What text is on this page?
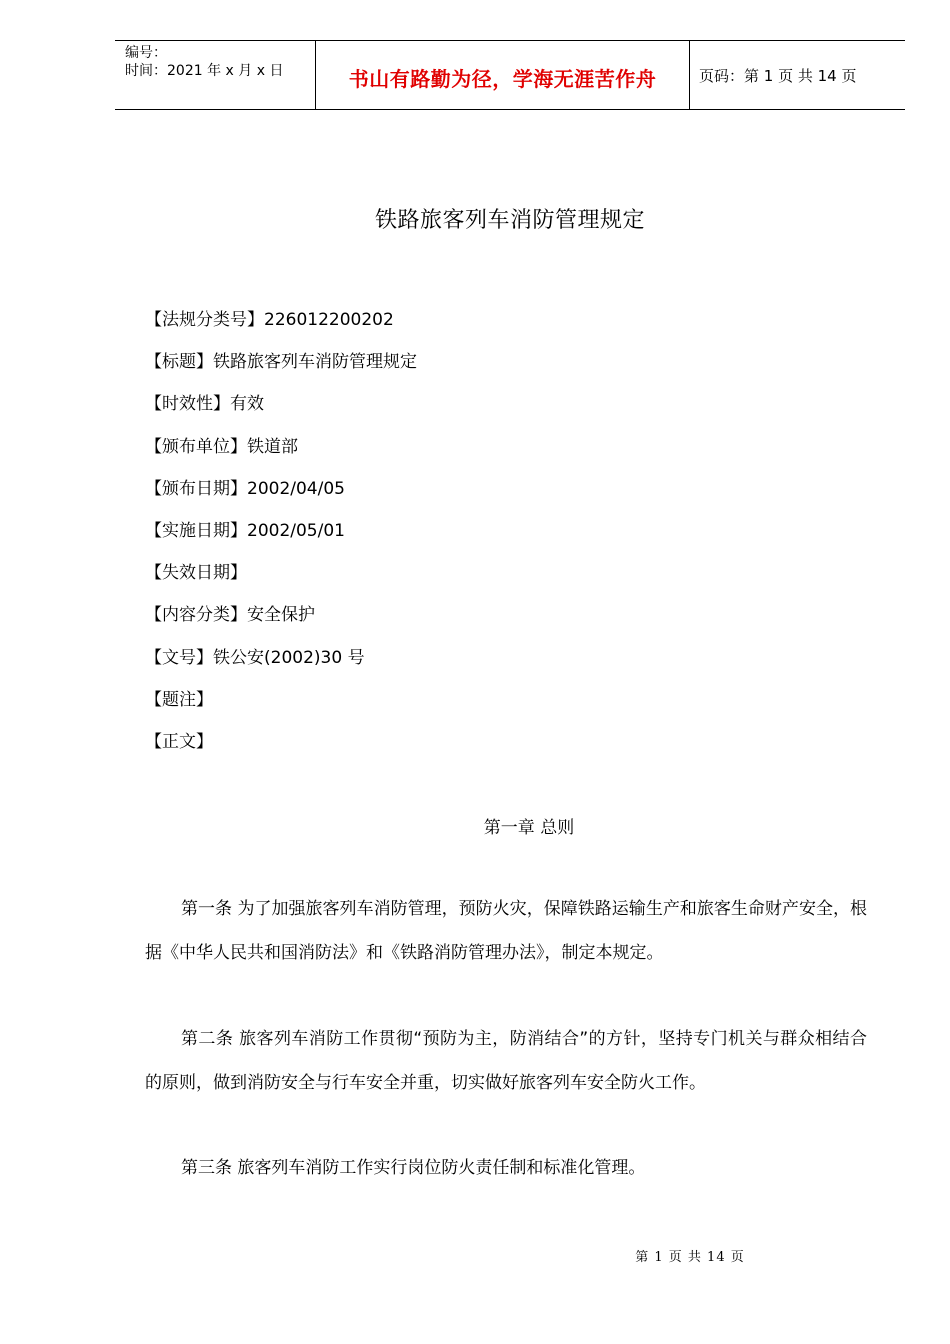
编号：
时间：2021 年 x 月 x 日	书山有路勤为径，学海无涯苦作舟	页码：第 1 页 共 14 页
铁路旅客列车消防管理规定
【法规分类号】226012200202
【标题】铁路旅客列车消防管理规定
【时效性】有效
【颁布单位】铁道部
【颁布日期】2002/04/05
【实施日期】2002/05/01
【失效日期】
【内容分类】安全保护
【文号】铁公安(2002)30 号
【题注】
【正文】
第一章 总则
第一条 为了加强旅客列车消防管理，预防火灾，保障铁路运输生产和旅客生命财产安全，根据《中华人民共和国消防法》和《铁路消防管理办法》，制定本规定。
第二条 旅客列车消防工作贯彻“预防为主，防消结合”的方针，坚持专门机关与群众相结合的原则，做到消防安全与行车安全并重，切实做好旅客列车安全防火工作。
第三条 旅客列车消防工作实行岗位防火责任制和标准化管理。
第 1 页 共 14 页
